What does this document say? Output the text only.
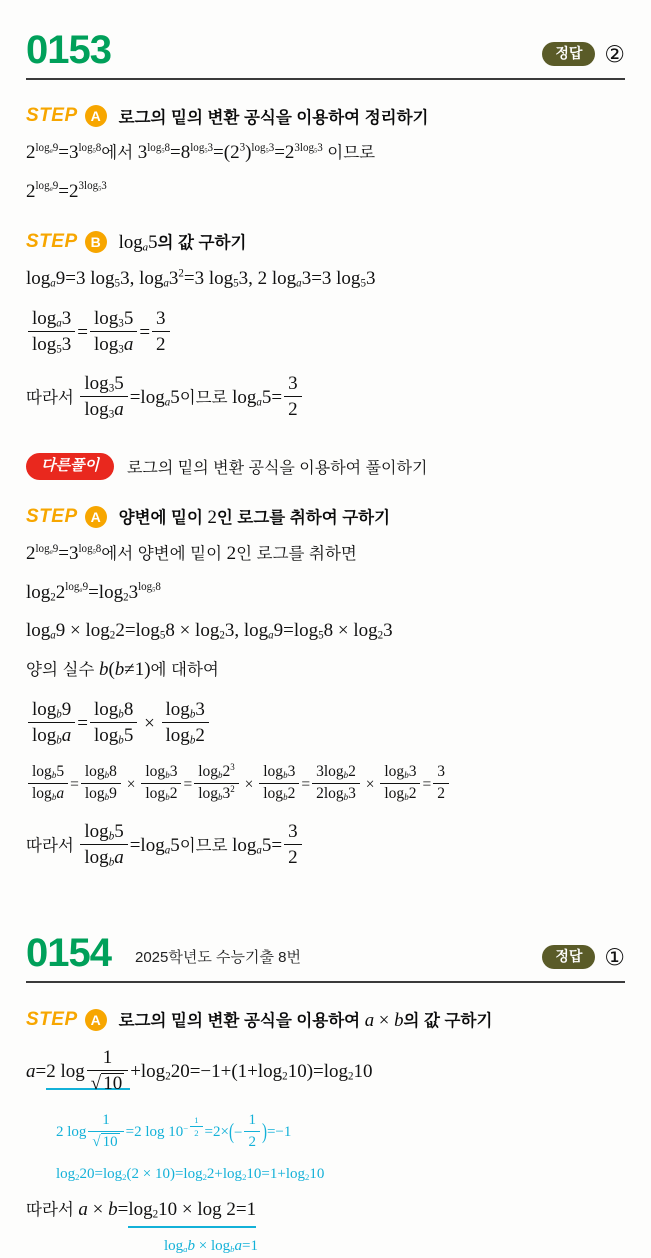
0153	정답 ②
STEP A	로그의 밑의 변환 공식을 이용하여 정리하기

$2^{log_a9}=3^{log_58}$에서 $3^{log_58}=8^{log_53}=(2^3)^{log_53}=2^{3log_53}$ 이므로

$2^{log_a9}=2^{3log_53}$

STEP B $\log_a5$의 값 구하기

$\log_a9=3$ $\log_53$, $\log_a3^2=3$ $\log_53$, 2 $\log_a3=3$ $\log_53$

$\frac{\log_a3}{\log_53} = \frac{\log_35}{\log_3a} = \frac{3}{2}$

따라서 $\frac{\log_35}{\log_3a} =\log_a5$이므로 $\log_a5= \frac{3}{2}$

다른풀이	로그의 밑의 변환 공식을 이용하여 풀이하기
STEP A	양변에 밑이 2인 로그를 취하여 구하기

$2^{log_a9}=3^{log_58}$에서 양변에 밑이 2인 로그를 취하면

$\log_22^{log_a9}=\log_23^{log_58}$

$\log_a9 \times \log_22=\log_58 \times \log_23$, $\log_a9=\log_58 \times \log_23$

양의 실수 b(b≠1)에 대하여

$\frac{\log_b9}{\log_ba} = \frac{\log_b8}{\log_b5} \times \frac{\log_b3}{\log_b2}$

$\frac{\log_b5}{\log_ba} = \frac{\log_b8}{\log_b9} \times \frac{\log_b3}{\log_b2} = \frac{\log_b2^3}{\log_b3^2} \times \frac{\log_b3}{\log_b2} = \frac{3\log_b2}{2\log_b3} \times \frac{\log_b3}{\log_b2} = \frac{3}{2}$

따라서 $\frac{\log_b5}{\log_ba} =\log_a5$이므로 $\log_a5= \frac{3}{2}$

0154 2025학년도 수능기출 8번	정답 ①
STEP A	로그의 밑의 변환 공식을 이용하여 a × b의 값 구하기

a=2 $\log \frac{1}{√ 10} +\log_220=-1+(1+\log_210)=\log_210$

2 $\log \frac{1}{√ 10} =2$ $\log 10^{- \frac{1}{2}} =2\times(- \frac{1}{2} )=-1$

$\log_220=\log_2(2 \times 10)=\log_22+\log_210=1+\log_210$

따라서 $a \times b=\log_210 \times \log 2=1$

$\log_ab \times \log_ba=1$
